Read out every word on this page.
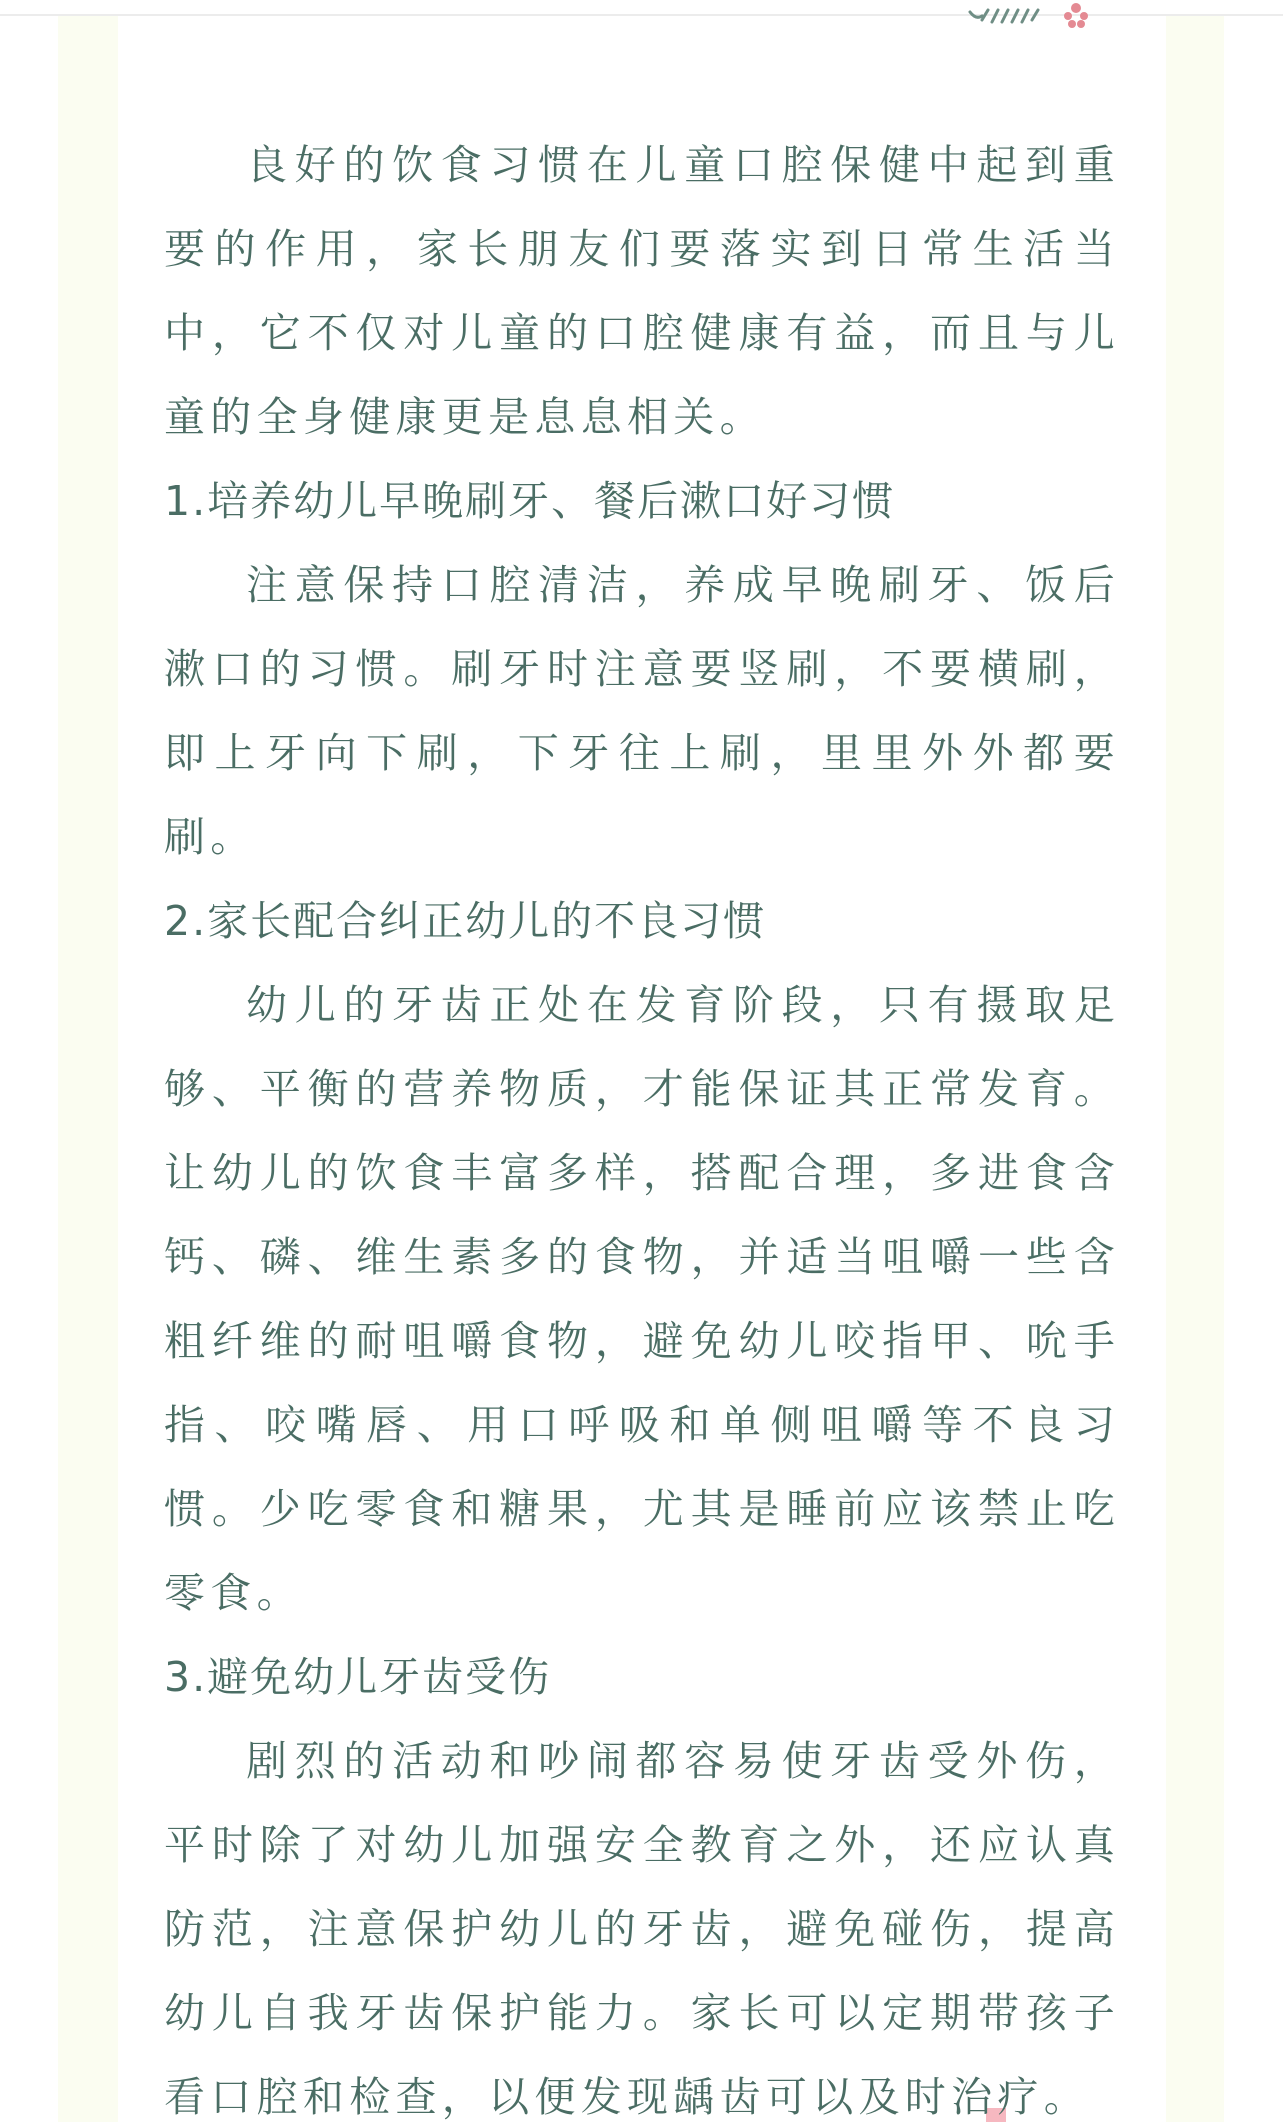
良好的饮食习惯在儿童口腔保健中起到重要的作用，家长朋友们要落实到日常生活当中，它不仅对儿童的口腔健康有益，而且与儿童的全身健康更是息息相关。

1.培养幼儿早晚刷牙、餐后漱口好习惯

注意保持口腔清洁，养成早晚刷牙、饭后漱口的习惯。刷牙时注意要竖刷，不要横刷，即上牙向下刷，下牙往上刷，里里外外都要刷。

2.家长配合纠正幼儿的不良习惯

幼儿的牙齿正处在发育阶段，只有摄取足够、平衡的营养物质，才能保证其正常发育。让幼儿的饮食丰富多样，搭配合理，多进食含钙、磷、维生素多的食物，并适当咀嚼一些含粗纤维的耐咀嚼食物，避免幼儿咬指甲、吮手指、咬嘴唇、用口呼吸和单侧咀嚼等不良习惯。少吃零食和糖果，尤其是睡前应该禁止吃零食。

3.避免幼儿牙齿受伤

剧烈的活动和吵闹都容易使牙齿受外伤，平时除了对幼儿加强安全教育之外，还应认真防范，注意保护幼儿的牙齿，避免碰伤，提高幼儿自我牙齿保护能力。家长可以定期带孩子看口腔和检查，以便发现龋齿可以及时治疗。
